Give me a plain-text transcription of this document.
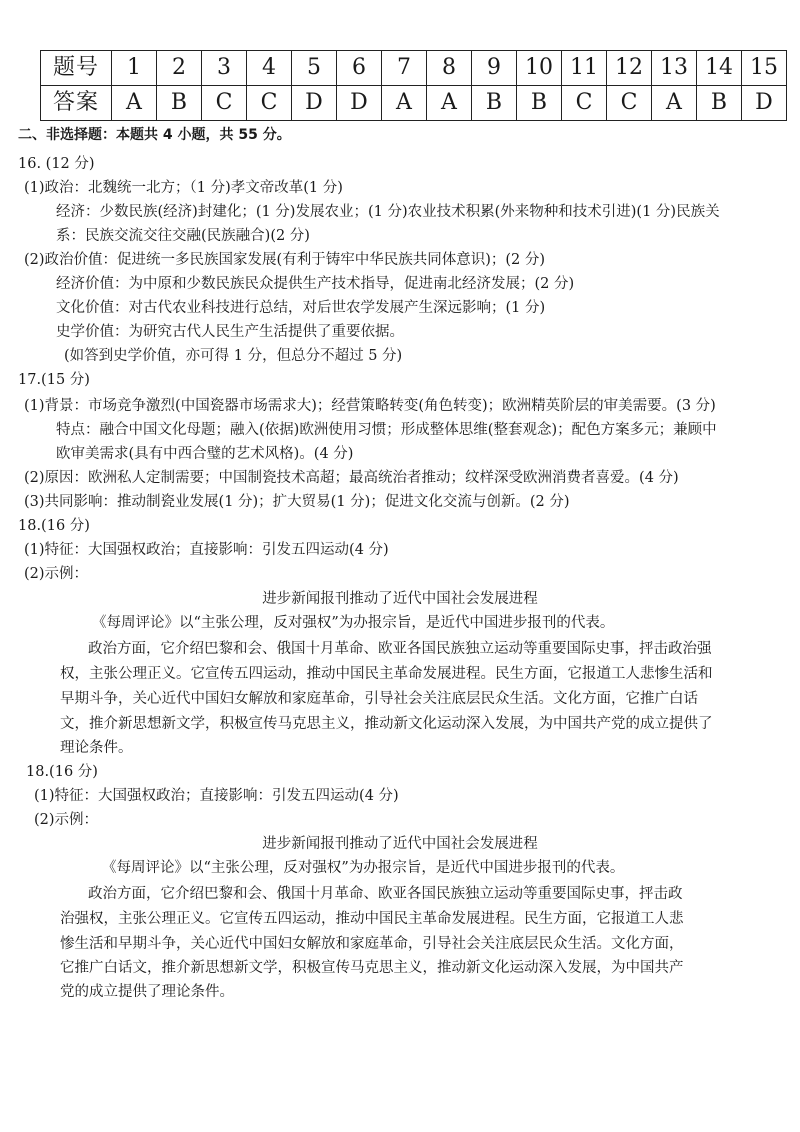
题号	1	2	3	4	5	6	7	8	9	10	11	12	13	14	15
答案	A	B	C	C	D	D	A	A	B	B	C	C	A	B	D
二、非选择题：本题共 4 小题，共 55 分。
16. (12 分)
(1)政治：北魏统一北方；（1 分)孝文帝改革(1 分)
经济：少数民族(经济)封建化；(1 分)发展农业；(1 分)农业技术积累(外来物种和技术引进)(1 分)民族关
系：民族交流交往交融(民族融合)(2 分)
(2)政治价值：促进统一多民族国家发展(有利于铸牢中华民族共同体意识)；(2 分)
经济价值：为中原和少数民族民众提供生产技术指导，促进南北经济发展；(2 分)
文化价值：对古代农业科技进行总结，对后世农学发展产生深远影响；(1 分)
史学价值：为研究古代人民生产生活提供了重要依据。
(如答到史学价值，亦可得 1 分，但总分不超过 5 分)
17.(15 分)
(1)背景：市场竞争激烈(中国瓷器市场需求大)；经营策略转变(角色转变)；欧洲精英阶层的审美需要。(3 分)
特点：融合中国文化母题；融入(依据)欧洲使用习惯；形成整体思维(整套观念)；配色方案多元；兼顾中
欧审美需求(具有中西合璧的艺术风格)。(4 分)
(2)原因：欧洲私人定制需要；中国制瓷技术高超；最高统治者推动；纹样深受欧洲消费者喜爱。(4 分)
(3)共同影响：推动制瓷业发展(1 分)；扩大贸易(1 分)；促进文化交流与创新。(2 分)
18.(16 分)
(1)特征：大国强权政治；直接影响：引发五四运动(4 分)
(2)示例：
进步新闻报刊推动了近代中国社会发展进程
《每周评论》以“主张公理，反对强权”为办报宗旨，是近代中国进步报刊的代表。
政治方面，它介绍巴黎和会、俄国十月革命、欧亚各国民族独立运动等重要国际史事，抨击政治强
权，主张公理正义。它宣传五四运动，推动中国民主革命发展进程。民生方面，它报道工人悲惨生活和
早期斗争，关心近代中国妇女解放和家庭革命，引导社会关注底层民众生活。文化方面，它推广白话
文，推介新思想新文学，积极宣传马克思主义，推动新文化运动深入发展，为中国共产党的成立提供了
理论条件。
18.(16 分)
(1)特征：大国强权政治；直接影响：引发五四运动(4 分)
(2)示例：
进步新闻报刊推动了近代中国社会发展进程
《每周评论》以“主张公理，反对强权”为办报宗旨，是近代中国进步报刊的代表。
政治方面，它介绍巴黎和会、俄国十月革命、欧亚各国民族独立运动等重要国际史事，抨击政
治强权，主张公理正义。它宣传五四运动，推动中国民主革命发展进程。民生方面，它报道工人悲
惨生活和早期斗争，关心近代中国妇女解放和家庭革命，引导社会关注底层民众生活。文化方面，
它推广白话文，推介新思想新文学，积极宣传马克思主义，推动新文化运动深入发展，为中国共产
党的成立提供了理论条件。
